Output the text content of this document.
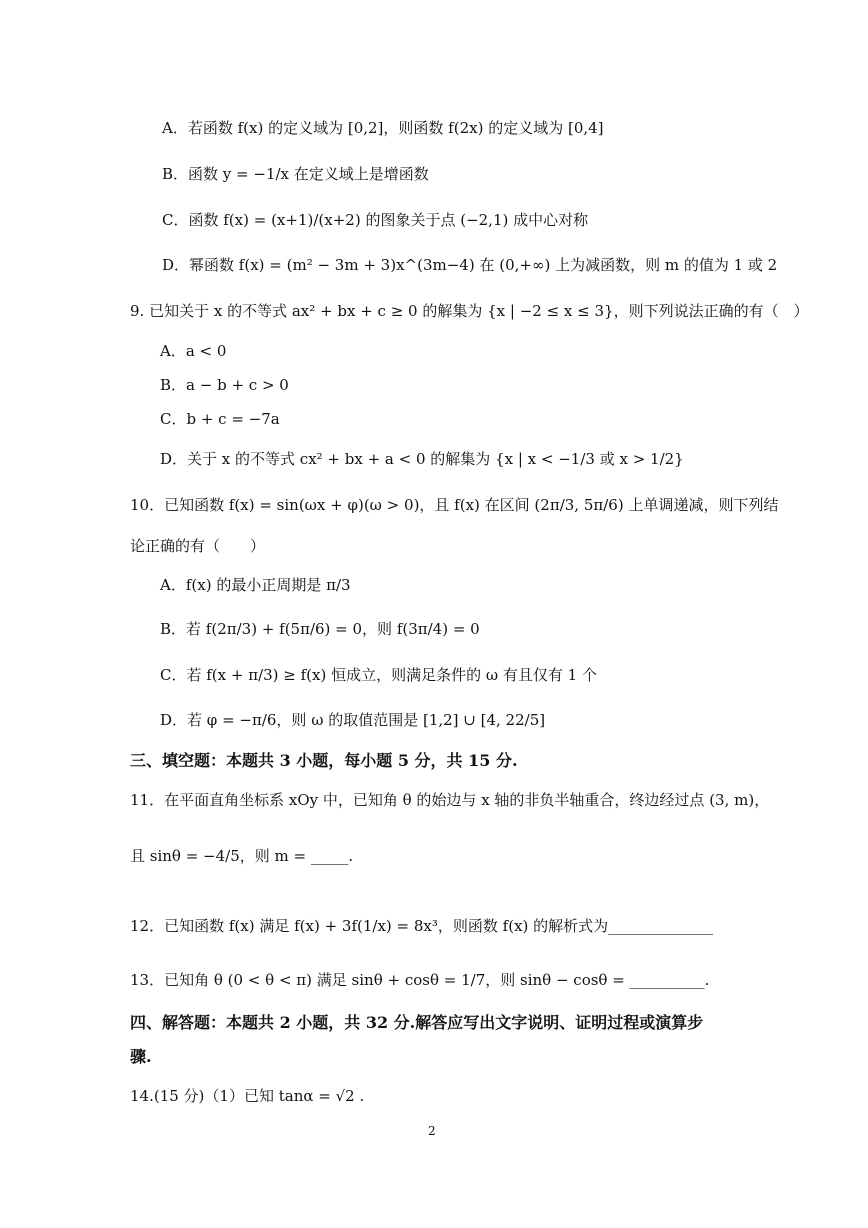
A．若函数 f(x) 的定义域为 [0,2]，则函数 f(2x) 的定义域为 [0,4]
B．函数 y = −1/x 在定义域上是增函数
C．函数 f(x) = (x+1)/(x+2) 的图象关于点 (−2,1) 成中心对称
D．幂函数 f(x) = (m² − 3m + 3)x^(3m−4) 在 (0,+∞) 上为减函数，则 m 的值为 1 或 2
9. 已知关于 x 的不等式 ax² + bx + c ≥ 0 的解集为 {x | −2 ≤ x ≤ 3}，则下列说法正确的有（　）
A．a < 0
B．a − b + c > 0
C．b + c = −7a
D．关于 x 的不等式 cx² + bx + a < 0 的解集为 {x | x < −1/3 或 x > 1/2}
10．已知函数 f(x) = sin(ωx + φ)(ω > 0)，且 f(x) 在区间 (2π/3, 5π/6) 上单调递减，则下列结
论正确的有（　　）
A．f(x) 的最小正周期是 π/3
B．若 f(2π/3) + f(5π/6) = 0，则 f(3π/4) = 0
C．若 f(x + π/3) ≥ f(x) 恒成立，则满足条件的 ω 有且仅有 1 个
D．若 φ = −π/6，则 ω 的取值范围是 [1,2] ∪ [4, 22/5]
三、填空题：本题共 3 小题，每小题 5 分，共 15 分.
11．在平面直角坐标系 xOy 中，已知角 θ 的始边与 x 轴的非负半轴重合，终边经过点 (3, m)，
且 sinθ = −4/5，则 m = _____.
12．已知函数 f(x) 满足 f(x) + 3f(1/x) = 8x³，则函数 f(x) 的解析式为______________
13．已知角 θ (0 < θ < π) 满足 sinθ + cosθ = 1/7，则 sinθ − cosθ = __________.
四、解答题：本题共 2 小题，共 32 分.解答应写出文字说明、证明过程或演算步
骤.
14.(15 分)（1）已知 tanα = √2 .
2
